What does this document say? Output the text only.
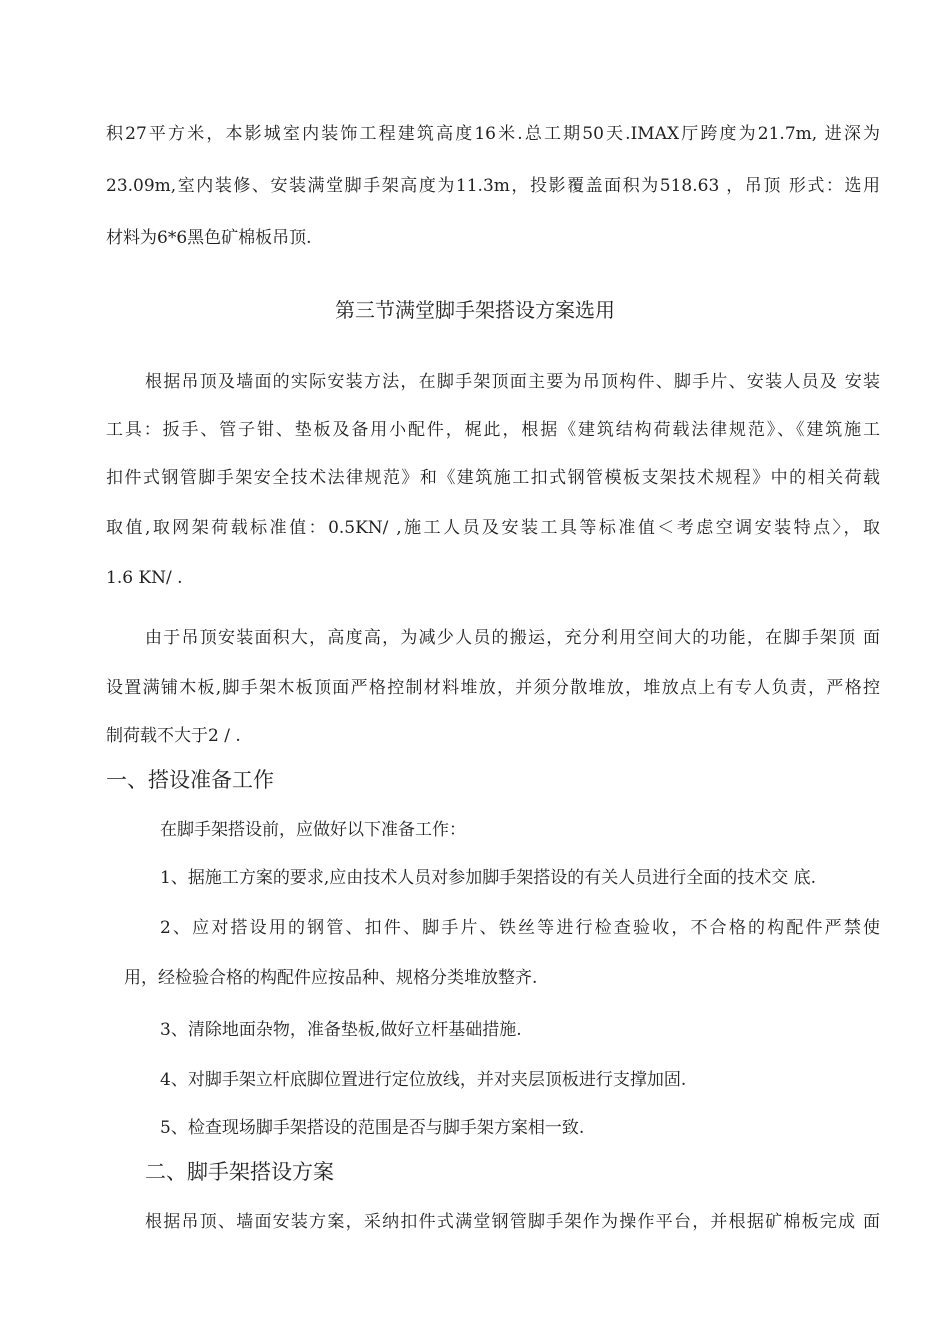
积27平方米，本影城室内装饰工程建筑高度16米.总工期50天.IMAX厅跨度为21.7m, 进深为
23.09m,室内装修、安装满堂脚手架高度为11.3m，投影覆盖面积为518.63 ，吊顶 形式：选用
材料为6*6黑色矿棉板吊顶.
第三节满堂脚手架搭设方案选用
根据吊顶及墙面的实际安装方法，在脚手架顶面主要为吊顶构件、脚手片、安装人员及 安装
工具：扳手、管子钳、垫板及备用小配件，梶此，根据《建筑结构荷载法律规范》、《建筑施工
扣件式钢管脚手架安全技术法律规范》和《建筑施工扣式钢管模板支架技术规程》中的相关荷载
取值,取网架荷载标准值：0.5KN/ ,施工人员及安装工具等标准值＜考虑空调安装特点〉，取
1.6 KN/ .
由于吊顶安装面积大，高度高，为减少人员的搬运，充分利用空间大的功能，在脚手架顶 面
设置满铺木板,脚手架木板顶面严格控制材料堆放，并须分散堆放，堆放点上有专人负责，严格控
制荷载不大于2 / .
一、搭设准备工作
在脚手架搭设前，应做好以下准备工作：
1、据施工方案的要求,应由技术人员对参加脚手架搭设的有关人员进行全面的技术交 底.
2、应对搭设用的钢管、扣件、脚手片、铁丝等进行检查验收，不合格的构配件严禁使
用，经检验合格的构配件应按品种、规格分类堆放整齐.
3、清除地面杂物，准备垫板,做好立杆基础措施.
4、对脚手架立杆底脚位置进行定位放线，并对夹层顶板进行支撑加固.
5、检查现场脚手架搭设的范围是否与脚手架方案相一致.
二、脚手架搭设方案
根据吊顶、墙面安装方案，采纳扣件式满堂钢管脚手架作为操作平台，并根据矿棉板完成 面
